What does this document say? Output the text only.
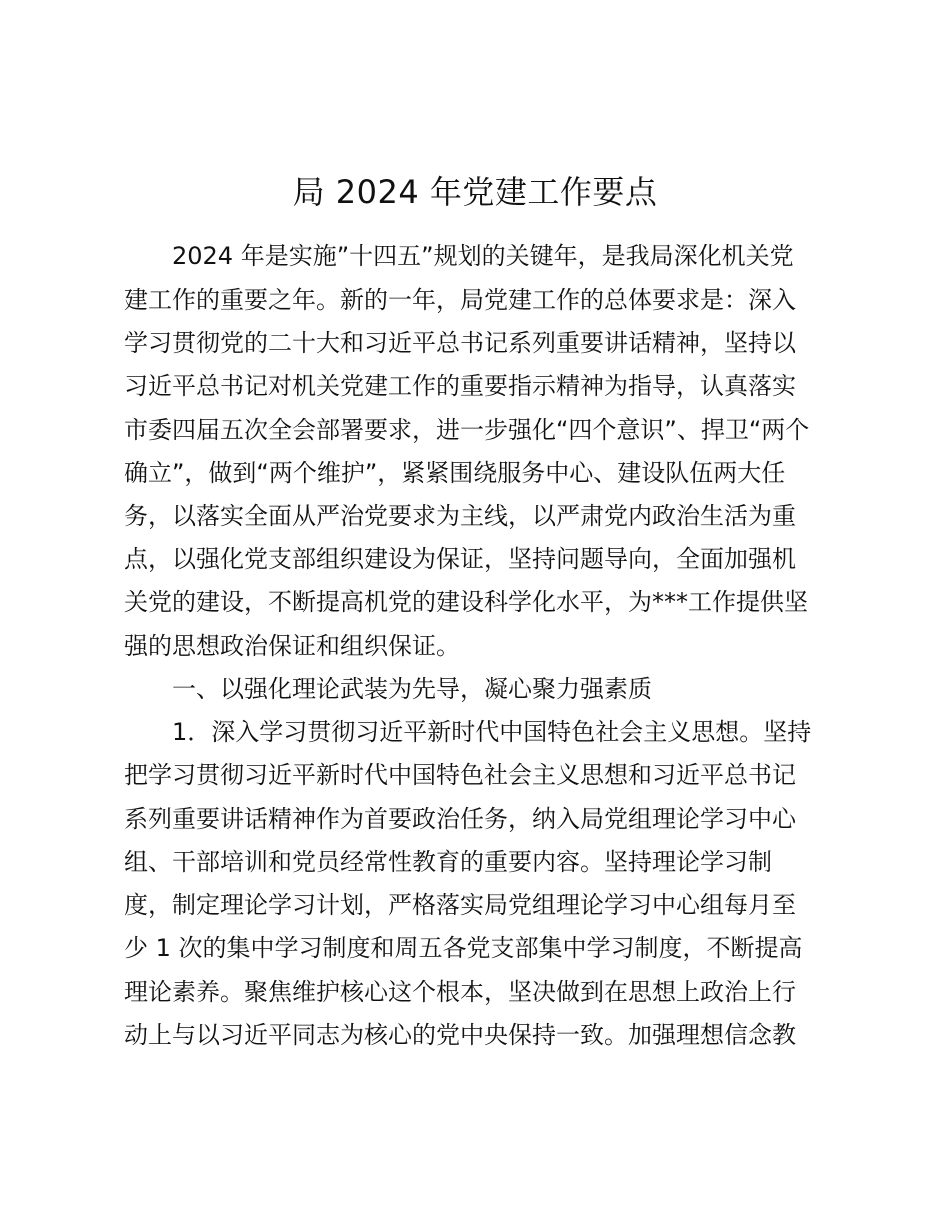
局 2024 年党建工作要点
2024 年是实施”十四五”规划的关键年，是我局深化机关党
建工作的重要之年。新的一年，局党建工作的总体要求是：深入
学习贯彻党的二十大和习近平总书记系列重要讲话精神，坚持以
习近平总书记对机关党建工作的重要指示精神为指导，认真落实
市委四届五次全会部署要求，进一步强化“四个意识”、捍卫“两个
确立”，做到“两个维护”，紧紧围绕服务中心、建设队伍两大任
务，以落实全面从严治党要求为主线，以严肃党内政治生活为重
点，以强化党支部组织建设为保证，坚持问题导向，全面加强机
关党的建设，不断提高机党的建设科学化水平，为***工作提供坚
强的思想政治保证和组织保证。
一、以强化理论武装为先导，凝心聚力强素质
1．深入学习贯彻习近平新时代中国特色社会主义思想。坚持
把学习贯彻习近平新时代中国特色社会主义思想和习近平总书记
系列重要讲话精神作为首要政治任务，纳入局党组理论学习中心
组、干部培训和党员经常性教育的重要内容。坚持理论学习制
度，制定理论学习计划，严格落实局党组理论学习中心组每月至
少 1 次的集中学习制度和周五各党支部集中学习制度，不断提高
理论素养。聚焦维护核心这个根本，坚决做到在思想上政治上行
动上与以习近平同志为核心的党中央保持一致。加强理想信念教
